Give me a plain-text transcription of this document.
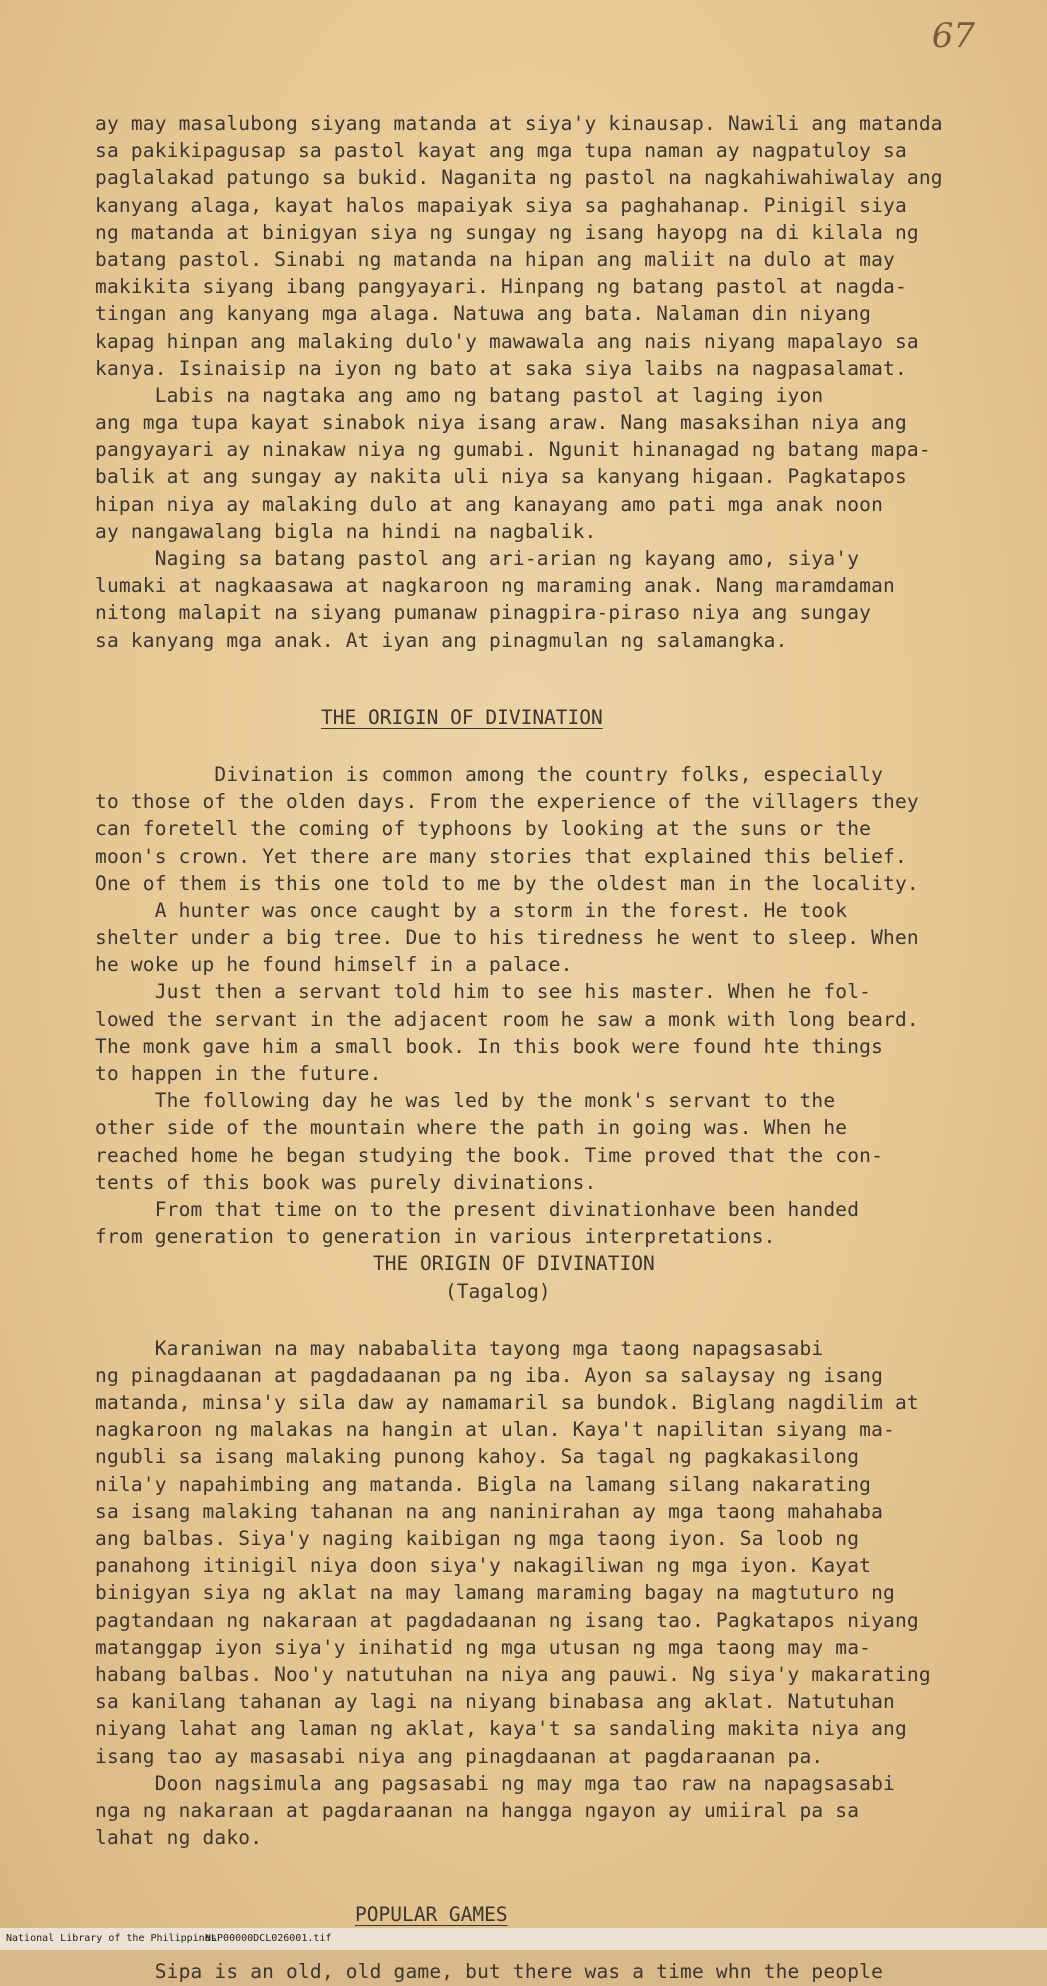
67
ay may masalubong siyang matanda at siya'y kinausap. Nawili ang matanda
sa pakikipagusap sa pastol kayat ang mga tupa naman ay nagpatuloy sa
paglalakad patungo sa bukid. Naganita ng pastol na nagkahiwahiwalay ang
kanyang alaga, kayat halos mapaiyak siya sa paghahanap. Pinigil siya
ng matanda at binigyan siya ng sungay ng isang hayopg na di kilala ng
batang pastol. Sinabi ng matanda na hipan ang maliit na dulo at may
makikita siyang ibang pangyayari. Hinpang ng batang pastol at nagda-
tingan ang kanyang mga alaga. Natuwa ang bata. Nalaman din niyang
kapag hinpan ang malaking dulo'y mawawala ang nais niyang mapalayo sa
kanya. Isinaisip na iyon ng bato at saka siya laibs na nagpasalamat.
Labis na nagtaka ang amo ng batang pastol at laging iyon
ang mga tupa kayat sinabok niya isang araw. Nang masaksihan niya ang
pangyayari ay ninakaw niya ng gumabi. Ngunit hinanagad ng batang mapa-
balik at ang sungay ay nakita uli niya sa kanyang higaan. Pagkatapos
hipan niya ay malaking dulo at ang kanayang amo pati mga anak noon
ay nangawalang bigla na hindi na nagbalik.
Naging sa batang pastol ang ari-arian ng kayang amo, siya'y
lumaki at nagkaasawa at nagkaroon ng maraming anak. Nang maramdaman
nitong malapit na siyang pumanaw pinagpira-piraso niya ang sungay
sa kanyang mga anak. At iyan ang pinagmulan ng salamangka.
THE ORIGIN OF DIVINATION
Divination is common among the country folks, especially
to those of the olden days. From the experience of the villagers they
can foretell the coming of typhoons by looking at the suns or the
moon's crown. Yet there are many stories that explained this belief.
One of them is this one told to me by the oldest man in the locality.
A hunter was once caught by a storm in the forest. He took
shelter under a big tree. Due to his tiredness he went to sleep. When
he woke up he found himself in a palace.
Just then a servant told him to see his master. When he fol-
lowed the servant in the adjacent room he saw a monk with long beard.
The monk gave him a small book. In this book were found hte things
to happen in the future.
The following day he was led by the monk's servant to the
other side of the mountain where the path in going was. When he
reached home he began studying the book. Time proved that the con-
tents of this book was purely divinations.
From that time on to the present divinationhave been handed
from generation to generation in various interpretations.
THE ORIGIN OF DIVINATION
(Tagalog)
Karaniwan na may nababalita tayong mga taong napagsasabi
ng pinagdaanan at pagdadaanan pa ng iba. Ayon sa salaysay ng isang
matanda, minsa'y sila daw ay namamaril sa bundok. Biglang nagdilim at
nagkaroon ng malakas na hangin at ulan. Kaya't napilitan siyang ma-
ngubli sa isang malaking punong kahoy. Sa tagal ng pagkakasilong
nila'y napahimbing ang matanda. Bigla na lamang silang nakarating
sa isang malaking tahanan na ang naninirahan ay mga taong mahahaba
ang balbas. Siya'y naging kaibigan ng mga taong iyon. Sa loob ng
panahong itinigil niya doon siya'y nakagiliwan ng mga iyon. Kayat
binigyan siya ng aklat na may lamang maraming bagay na magtuturo ng
pagtandaan ng nakaraan at pagdadaanan ng isang tao. Pagkatapos niyang
matanggap iyon siya'y inihatid ng mga utusan ng mga taong may ma-
habang balbas. Noo'y natutuhan na niya ang pauwi. Ng siya'y makarating
sa kanilang tahanan ay lagi na niyang binabasa ang aklat. Natutuhan
niyang lahat ang laman ng aklat, kaya't sa sandaling makita niya ang
isang tao ay masasabi niya ang pinagdaanan at pagdaraanan pa.
Doon nagsimula ang pagsasabi ng may mga tao raw na napagsasabi
nga ng nakaraan at pagdaraanan na hangga ngayon ay umiiral pa sa
lahat ng dako.
POPULAR GAMES
Sipa is an old, old game, but there was a time whn the people
National Library of the Philippines
NLP00000DCL026001.tif
